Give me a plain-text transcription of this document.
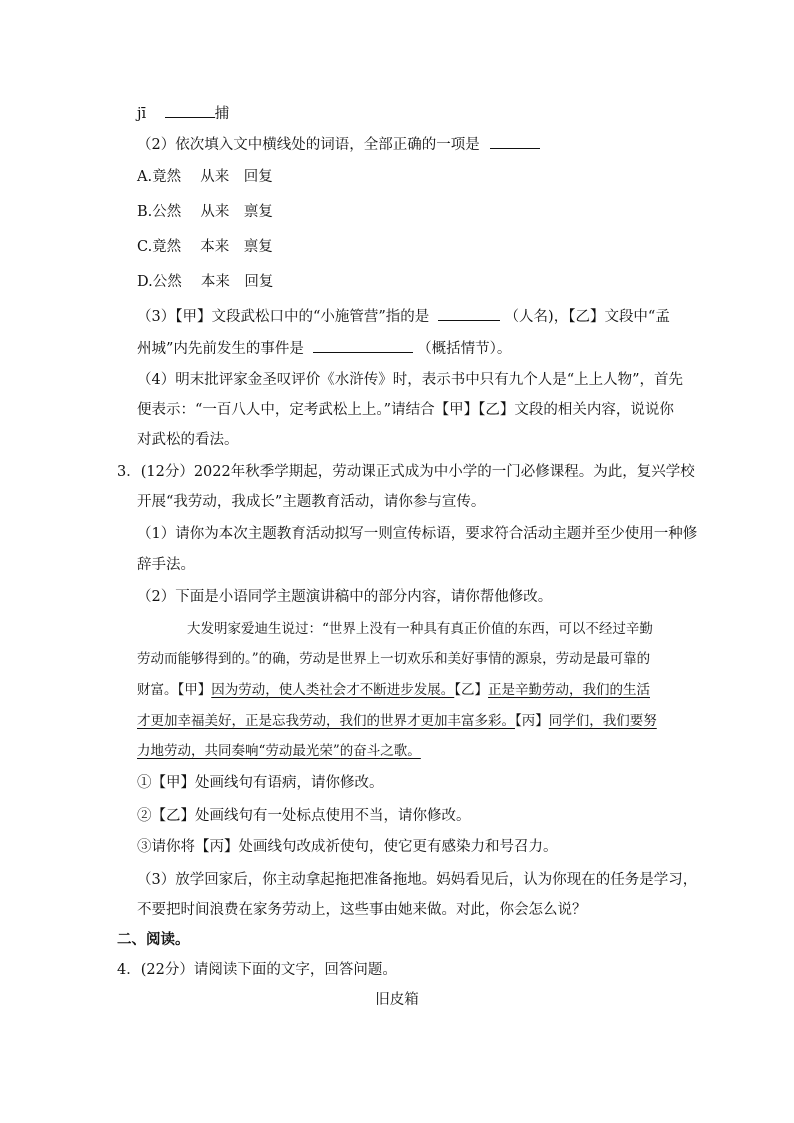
jī	捕
（2）依次填入文中横线处的词语，全部正确的一项是
A.竟然　 从来　回复
B.公然　 从来　禀复
C.竟然　 本来　禀复
D.公然　 本来　回复
（3）【甲】文段武松口中的“小施管营”指的是	（人名)，【乙】文段中“孟
州城”内先前发生的事件是	（概括情节）。
（4）明末批评家金圣叹评价《水浒传》时，表示书中只有九个人是“上上人物”，首先
便表示：“一百八人中，定考武松上上。”请结合【甲】【乙】文段的相关内容，说说你
对武松的看法。
3．(12分）2022年秋季学期起，劳动课正式成为中小学的一门必修课程。为此，复兴学校
开展“我劳动，我成长”主题教育活动，请你参与宣传。
（1）请你为本次主题教育活动拟写一则宣传标语，要求符合活动主题并至少使用一种修
辞手法。
（2）下面是小语同学主题演讲稿中的部分内容，请你帮他修改。
大发明家爱迪生说过：“世界上没有一种具有真正价值的东西，可以不经过辛勤
劳动而能够得到的。”的确，劳动是世界上一切欢乐和美好事情的源泉，劳动是最可靠的
财富。【甲】因为劳动，使人类社会才不断进步发展。【乙】正是辛勤劳动，我们的生活
才更加幸福美好，正是忘我劳动，我们的世界才更加丰富多彩。【丙】同学们，我们要努
力地劳动，共同奏响“劳动最光荣”的奋斗之歌。
①【甲】处画线句有语病，请你修改。
②【乙】处画线句有一处标点使用不当，请你修改。
③请你将【丙】处画线句改成祈使句，使它更有感染力和号召力。
（3）放学回家后，你主动拿起拖把准备拖地。妈妈看见后，认为你现在的任务是学习，
不要把时间浪费在家务劳动上，这些事由她来做。对此，你会怎么说？
二、阅读。
4．(22分）请阅读下面的文字，回答问题。
旧皮箱
